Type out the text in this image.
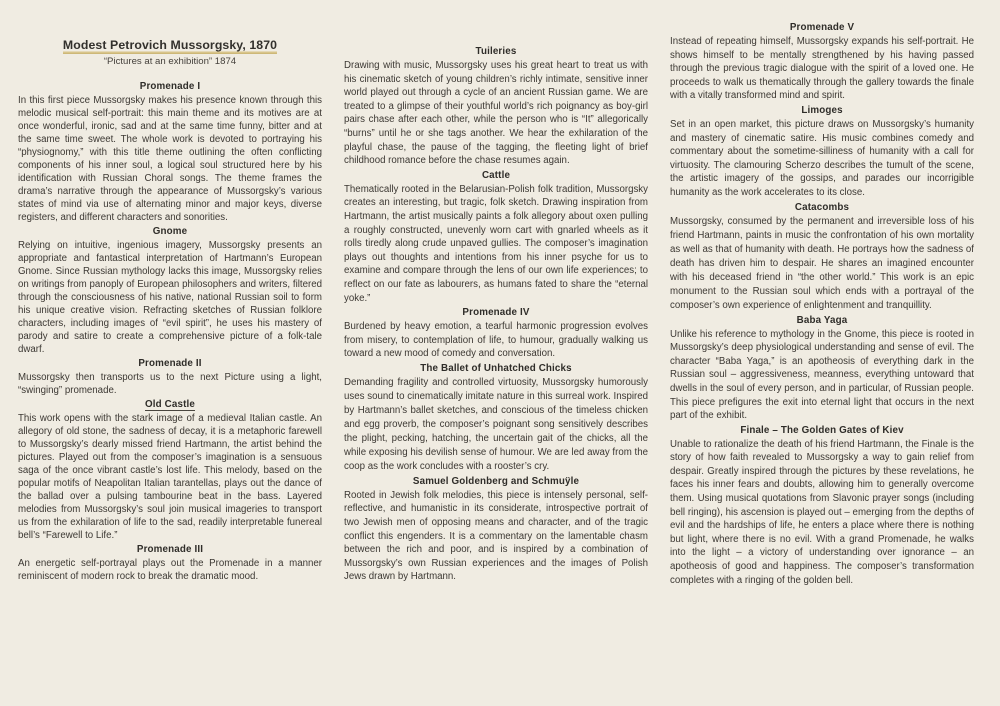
Modest Petrovich Mussorgsky, 1870
“Pictures at an exhibition” 1874
Promenade I

In this first piece Mussorgsky makes his presence known through this melodic musical self-portrait: this main theme and its motives are at once wonderful, ironic, sad and at the same time funny, bitter and at the same time sweet. The whole work is devoted to portraying his “physiognomy,” with this title theme outlining the often conflicting components of his inner soul, a logical soul structured here by his identification with Russian Choral songs. The theme frames the drama’s narrative through the appearance of Mussorgsky’s various states of mind via use of alternating minor and major keys, diverse registers, and different characters and sonorities.

Gnome

Relying on intuitive, ingenious imagery, Mussorgsky presents an appropriate and fantastical interpretation of Hartmann’s European Gnome. Since Russian mythology lacks this image, Mussorgsky relies on writings from panoply of European philosophers and writers, filtered through the consciousness of his native, national Russian soil to form his unique creative vision. Refracting sketches of Russian folklore characters, including images of “evil spirit”, he uses his mastery of parody and satire to create a comprehensive picture of a folk-tale dwarf.

Promenade II

Mussorgsky then transports us to the next Picture using a light, “swinging” promenade.

Old Castle

This work opens with the stark image of a medieval Italian castle. An allegory of old stone, the sadness of decay, it is a metaphoric farewell to Mussorgsky’s dearly missed friend Hartmann, the artist behind the pictures. Played out from the composer’s imagination is a sensuous saga of the once vibrant castle’s lost life. This melody, based on the popular motifs of Neapolitan Italian tarantellas, plays out the dance of the ballad over a pulsing tambourine beat in the bass. Layered melodies from Mussorgsky’s soul join musical imageries to transport us from the exhilaration of life to the sad, readily interpretable funereal bell’s “Farewell to Life.”

Promenade III

An energetic self-portrayal plays out the Promenade in a manner reminiscent of modern rock to break the dramatic mood.

Tuileries

Drawing with music, Mussorgsky uses his great heart to treat us with his cinematic sketch of young children’s richly intimate, sensitive inner world played out through a cycle of an ancient Russian game. We are treated to a glimpse of their youthful world’s rich poignancy as boy-girl pairs chase after each other, while the person who is “It” allegorically “burns” until he or she tags another. We hear the exhilaration of the playful chase, the pause of the tagging, the fleeting light of brief childhood romance before the chase resumes again.

Cattle

Thematically rooted in the Belarusian-Polish folk tradition, Mussorgsky creates an interesting, but tragic, folk sketch. Drawing inspiration from Hartmann, the artist musically paints a folk allegory about oxen pulling a roughly constructed, unevenly worn cart with gnarled wheels as it rolls tiredly along crude unpaved gullies. The composer’s imagination plays out thoughts and intentions from his inner psyche for us to examine and compare through the lens of our own life experiences; to reflect on our fate as labourers, as humans fated to share the “eternal yoke.”

Promenade IV

Burdened by heavy emotion, a tearful harmonic progression evolves from misery, to contemplation of life, to humour, gradually walking us toward a new mood of comedy and conversation.

The Ballet of Unhatched Chicks

Demanding fragility and controlled virtuosity, Mussorgsky humorously uses sound to cinematically imitate nature in this surreal work. Inspired by Hartmann’s ballet sketches, and conscious of the timeless chicken and egg proverb, the composer’s poignant song sensitively describes the plight, pecking, hatching, the uncertain gait of the chicks, all the while exposing his devilish sense of humour. We are led away from the coop as the work concludes with a rooster’s cry.

Samuel Goldenberg and Schmuÿle

Rooted in Jewish folk melodies, this piece is intensely personal, self-reflective, and humanistic in its considerate, introspective portrait of two Jewish men of opposing means and character, and of the tragic conflict this engenders. It is a commentary on the lamentable chasm between the rich and poor, and is inspired by a combination of Mussorgsky’s own Russian experiences and the images of Polish Jews drawn by Hartmann.

Promenade V

Instead of repeating himself, Mussorgsky expands his self-portrait. He shows himself to be mentally strengthened by his having passed through the previous tragic dialogue with the spirit of a loved one. He proceeds to walk us thematically through the gallery towards the finale with a vitally transformed mind and spirit.

Limoges

Set in an open market, this picture draws on Mussorgsky’s humanity and mastery of cinematic satire. His music combines comedy and commentary about the sometime-silliness of humanity with a call for virtuosity. The clamouring Scherzo describes the tumult of the scene, the artistic imagery of the gossips, and parades our incorrigible humanity as the work accelerates to its close.

Catacombs

Mussorgsky, consumed by the permanent and irreversible loss of his friend Hartmann, paints in music the confrontation of his own mortality as well as that of humanity with death. He portrays how the sadness of death has driven him to despair. He shares an imagined encounter with his deceased friend in “the other world.” This work is an epic monument to the Russian soul which ends with a portrayal of the composer’s own experience of enlightenment and tranquillity.

Baba Yaga

Unlike his reference to mythology in the Gnome, this piece is rooted in Mussorgsky’s deep physiological understanding and sense of evil. The character “Baba Yaga,” is an apotheosis of everything dark in the Russian soul – aggressiveness, meanness, everything untoward that dwells in the soul of every person, and in particular, of Russian people. This piece prefigures the exit into eternal light that occurs in the next part of the exhibit.

Finale – The Golden Gates of Kiev

Unable to rationalize the death of his friend Hartmann, the Finale is the story of how faith revealed to Mussorgsky a way to gain relief from despair. Greatly inspired through the pictures by these revelations, he faces his inner fears and doubts, allowing him to generally overcome them. Using musical quotations from Slavonic prayer songs (including bell ringing), his ascension is played out – emerging from the depths of evil and the hardships of life, he enters a place where there is nothing but light, where there is no evil. With a grand Promenade, he walks into the light – a victory of understanding over ignorance – an apotheosis of good and happiness. The composer’s transformation completes with a ringing of the golden bell.
